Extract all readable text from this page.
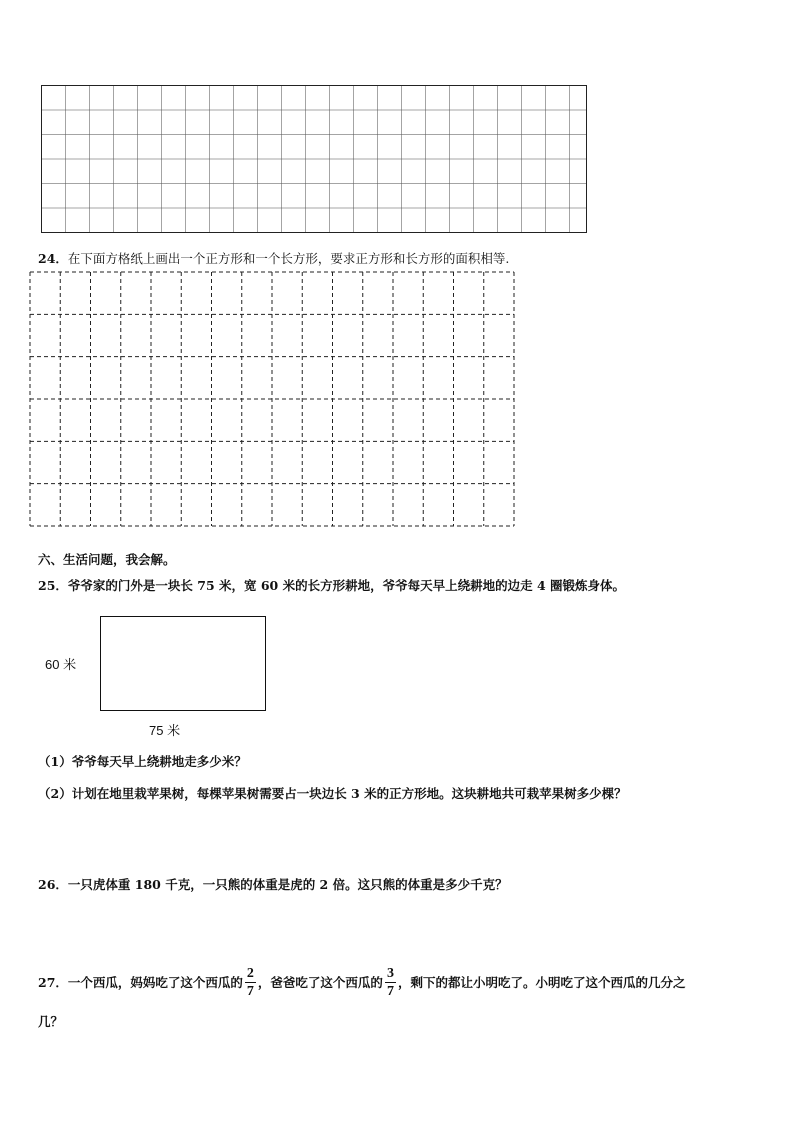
24．在下面方格纸上画出一个正方形和一个长方形，要求正方形和长方形的面积相等.
六、生活问题，我会解。
25．爷爷家的门外是一块长 75 米，宽 60 米的长方形耕地，爷爷每天早上绕耕地的边走 4 圈锻炼身体。
60 米
75 米
（1）爷爷每天早上绕耕地走多少米？
（2）计划在地里栽苹果树，每棵苹果树需要占一块边长 3 米的正方形地。这块耕地共可栽苹果树多少棵？
26．一只虎体重 180 千克，一只熊的体重是虎的 2 倍。这只熊的体重是多少千克？
27． 一个西瓜，妈妈吃了这个西瓜的 $\frac{2}{7}$ ，爸爸吃了这个西瓜的 $\frac{3}{7}$ ，剩下的都让小明吃了。小明吃了这个西瓜的几分之
几？
